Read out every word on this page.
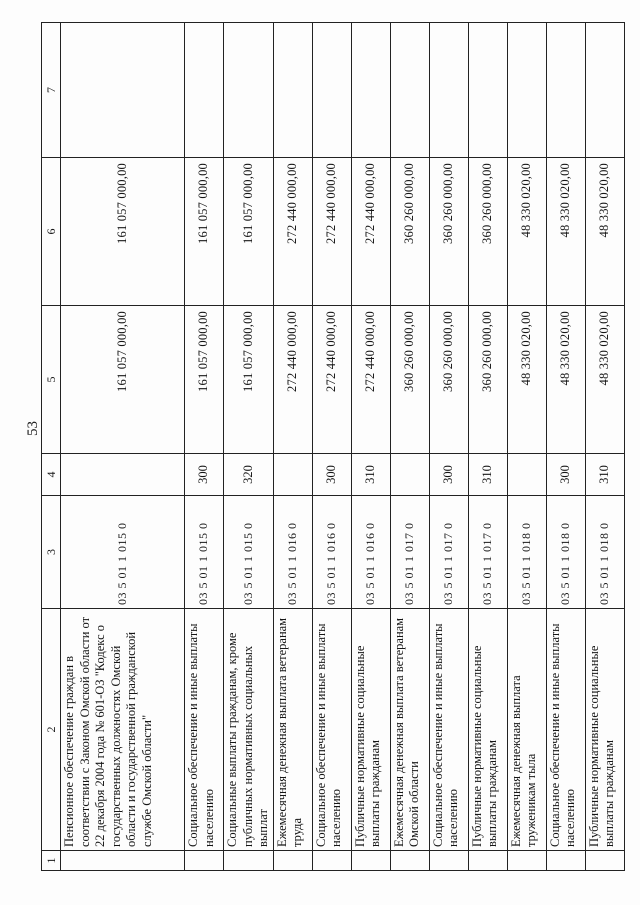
53
1	2	3	4	5	6	7
	Пенсионное обеспечение граждан в соответствии с Законом Омской области от 22 декабря 2004 года № 601-ОЗ "Кодекс о государственных должностях Омской области и государственной гражданской службе Омской области"	03 5 01 1 015 0		161 057 000,00	161 057 000,00	
	Социальное обеспечение и иные выплаты населению	03 5 01 1 015 0	300	161 057 000,00	161 057 000,00	
	Социальные выплаты гражданам, кроме публичных нормативных социальных выплат	03 5 01 1 015 0	320	161 057 000,00	161 057 000,00	
	Ежемесячная денежная выплата ветеранам труда	03 5 01 1 016 0		272 440 000,00	272 440 000,00	
	Социальное обеспечение и иные выплаты населению	03 5 01 1 016 0	300	272 440 000,00	272 440 000,00	
	Публичные нормативные социальные выплаты гражданам	03 5 01 1 016 0	310	272 440 000,00	272 440 000,00	
	Ежемесячная денежная выплата ветеранам Омской области	03 5 01 1 017 0		360 260 000,00	360 260 000,00	
	Социальное обеспечение и иные выплаты населению	03 5 01 1 017 0	300	360 260 000,00	360 260 000,00	
	Публичные нормативные социальные выплаты гражданам	03 5 01 1 017 0	310	360 260 000,00	360 260 000,00	
	Ежемесячная денежная выплата труженикам тыла	03 5 01 1 018 0		48 330 020,00	48 330 020,00	
	Социальное обеспечение и иные выплаты населению	03 5 01 1 018 0	300	48 330 020,00	48 330 020,00	
	Публичные нормативные социальные выплаты гражданам	03 5 01 1 018 0	310	48 330 020,00	48 330 020,00	
